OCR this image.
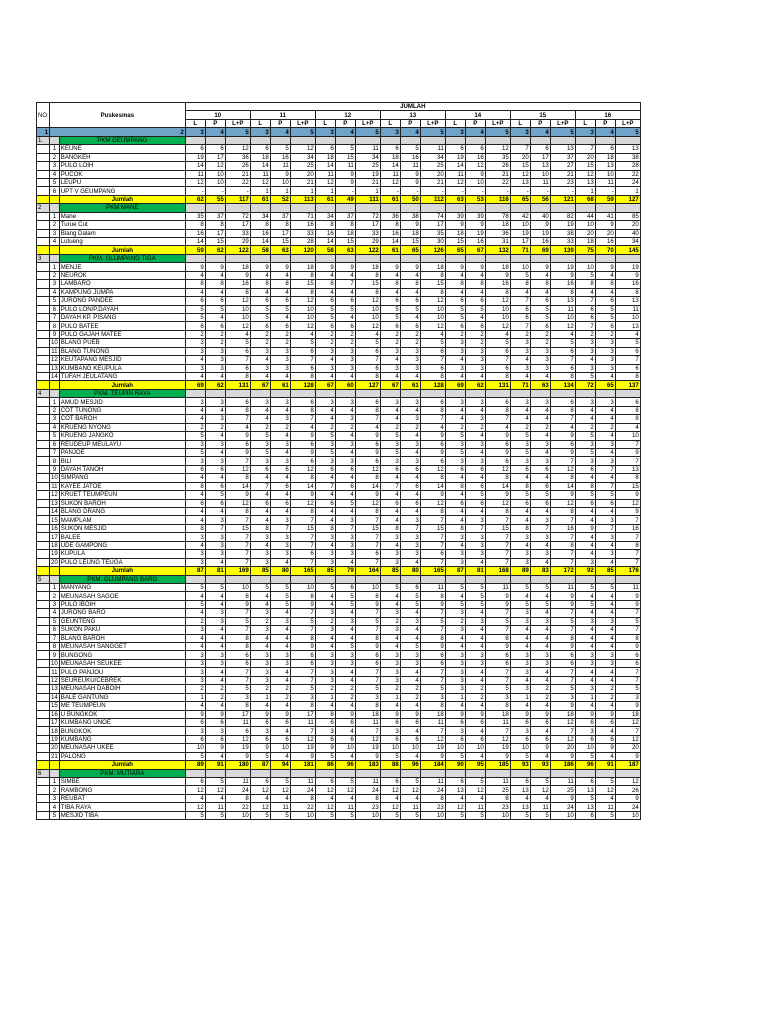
NO	Puskesmas		JUMLAH																				
			10			11			12			13			14			15			16		
			L	P	L+P	L	P	L+P	L	P	L+P	L	P	L+P	L	P	L+P	L	P	L+P	L	P	L+P
1	2		3	4	5	3	4	5	3	4	5	3	4	5	3	4	5	3	4	5	3	4	5
1.		PKM GEUMPANG																					
	1	KEUNE	6	6	12	6	5	12	6	5	11	6	5	11	6	6	12	7	6	13	7	6	13
	2	BANGKEH	19	17	36	18	16	34	18	15	34	18	16	34	19	16	35	20	17	37	20	18	38
	3	PULO LOIH	14	12	26	14	11	25	14	11	25	14	11	25	14	12	26	15	13	27	15	13	28
	4	PUCOK	11	10	21	11	9	20	11	9	19	11	9	20	11	9	21	12	10	21	12	10	22
	5	LEUPU	12	10	22	12	10	21	12	9	21	12	9	21	12	10	22	13	11	23	13	11	24
	6	UPT V GEUMPANG	-	-	-	1	1	1	1	-	1	-	-	-	-	-	-	-	-	-	1	-	1
		Jumlah	62	55	117	61	52	113	61	49	111	61	50	112	63	53	116	65	56	121	68	59	127
2		PKM MANE																					
	1	Mane	35	37	72	34	37	71	34	37	72	36	38	74	39	39	78	42	40	82	44	41	85
	2	Turue Cut	8	8	17	8	8	16	8	8	17	8	9	17	9	9	18	10	9	19	10	9	20
	3	Blang Dalam	16	17	33	16	17	33	16	18	33	16	18	35	18	19	36	19	19	38	20	20	40
	4	Lutueng	14	15	29	14	15	28	14	15	29	14	15	30	15	16	31	17	16	33	18	16	34
		Jumlah	59	62	122	58	63	120	58	63	122	61	65	126	65	67	132	71	69	139	75	70	145
3		PKM. GLUMPANG TIGA																					
	1	MENJE	9	9	18	9	9	18	9	9	18	9	9	18	9	9	18	10	9	19	10	9	19
	2	NEUROK	4	4	9	4	4	8	4	4	8	4	4	8	4	4	9	5	4	9	5	4	9
	3	LAMBARO	8	8	16	8	8	15	8	7	15	8	8	15	8	8	16	8	8	16	8	8	16
	4	KAMPUNG JUMPA	4	4	8	4	4	8	4	4	8	4	4	8	4	4	8	4	4	8	4	4	8
	5	JURONG PANDEE	6	6	12	6	6	12	6	6	12	6	6	12	6	6	12	7	6	13	7	6	13
	6	PULO LON/P.DAYAH	5	5	10	5	5	10	5	5	10	5	5	10	5	5	10	6	5	11	6	5	11
	7	DAYAH KP. PISANG	5	4	10	5	4	10	5	4	10	5	4	10	5	4	10	6	5	10	6	5	10
	8	PULO BATEE	6	6	12	6	6	12	6	6	12	6	6	12	6	6	12	7	6	12	7	6	13
	9	PULO GAJAH MATEE	2	2	4	2	2	4	2	2	4	2	2	4	2	2	4	2	2	4	2	2	4
	10	BLANG PUEB	3	2	5	2	2	5	2	2	5	2	2	5	3	2	5	3	2	5	3	3	5
	11	BLANG TUNONG	3	3	6	3	3	6	3	3	6	3	3	6	3	3	6	3	3	6	3	3	6
	12	KEUTAPANG MESJID	4	3	7	4	3	7	4	3	7	4	3	7	4	3	7	4	3	7	4	3	7
	13	KUMBANG KEUPULA	3	3	6	3	3	6	3	3	6	3	3	6	3	3	6	3	3	6	3	3	6
	14	TUFAH JEULATANG	4	4	8	4	4	8	4	4	8	4	4	8	4	4	8	4	4	8	5	4	8
		Jumlah	69	62	131	67	61	128	67	60	127	67	61	128	69	62	131	71	63	134	72	65	137
4		PKM. TEUPIN RAYA																					
	1	AMUD MESJID	3	3	6	3	3	6	3	3	6	3	3	6	3	3	6	3	3	6	3	3	6
	2	COT TUNONG	4	4	8	4	4	8	4	4	8	4	4	8	4	4	8	4	4	8	4	4	8
	3	COT BAROH	4	3	7	4	3	7	4	3	7	4	3	7	4	3	7	4	4	7	4	4	8
	4	KRUENG NYONG	2	2	4	2	2	4	2	2	4	2	2	4	2	2	4	2	2	4	2	2	4
	5	KRUENG JANGKO	5	4	9	5	4	9	5	4	9	5	4	9	5	4	9	5	4	9	5	4	10
	6	REUDEUP MEULAYU	3	3	6	3	3	6	3	3	6	3	3	6	3	3	6	3	3	6	3	3	7
	7	PANJOE	5	4	9	5	4	9	5	4	9	5	4	9	5	4	9	5	4	9	5	4	9
	8	BILI	3	3	7	3	3	6	3	3	6	3	3	6	3	3	6	3	3	7	3	3	7
	9	DAYAH TANOH	6	6	12	6	6	12	6	6	12	6	6	12	6	6	12	6	6	12	6	7	13
	10	SIMPANG	4	4	8	4	4	8	4	4	8	4	4	8	4	4	8	4	4	8	4	4	8
	11	KAYEE JATOE	8	6	14	7	6	14	7	6	14	7	6	14	8	6	14	8	6	14	8	7	15
	12	KRUET TEUMPEUN	4	5	9	4	4	9	4	4	9	4	4	9	4	5	9	5	5	9	5	5	9
	13	SUKON BAROH	6	6	12	6	6	12	6	5	12	6	6	12	6	6	12	6	6	12	6	6	12
	14	BLANG DRANG	4	4	8	4	4	8	4	4	8	4	4	8	4	4	8	4	4	8	4	4	9
	15	MAMPLAM	4	3	7	4	3	7	4	3	7	4	3	7	4	3	7	4	3	7	4	3	7
	16	SUKON MESJID	8	7	15	8	7	15	8	7	15	8	7	15	8	7	15	8	7	16	9	7	16
	17	BALEE	3	3	7	3	3	7	3	3	7	3	3	7	3	3	7	3	3	7	4	3	7
	18	UDE GAMPONG	4	3	7	4	3	7	4	3	7	4	3	7	4	3	7	4	4	8	4	4	8
	19	KUPULA	3	3	7	3	3	6	3	3	6	3	3	6	3	3	7	3	3	7	4	3	7
	20	PULO LEUNG TEUGA	3	4	7	3	4	7	3	4	7	3	4	7	3	4	7	3	4	7	3	4	7
		Jumlah	87	81	169	85	80	165	85	79	164	85	80	165	87	81	168	89	83	172	92	85	176
5		PKM. GLUMPANG BARO																					
	1	MANYANG	5	5	10	5	5	10	5	6	10	5	6	11	5	5	11	5	5	11	5	5	11
	2	MEUNASAH SAGOE	4	4	8	4	5	8	4	5	8	4	5	8	4	5	9	4	4	9	4	4	9
	3	PULO IBOIH	5	4	9	4	5	9	4	5	9	4	5	9	5	5	9	5	5	9	5	4	9
	4	JURONG BARO	4	3	7	3	4	7	3	4	7	3	4	7	3	4	7	3	4	7	4	4	7
	5	GEUNTENG	2	3	5	2	3	5	2	3	5	2	3	5	2	3	5	3	3	5	3	3	5
	6	SUKON PAKU	3	4	7	3	4	7	3	4	7	3	4	7	3	4	7	4	4	7	4	4	7
	7	BLANG BAROH	4	4	8	4	4	8	4	4	8	4	4	8	4	4	8	4	4	8	4	4	8
	8	MEUNASAH SANGGET	4	4	8	4	4	9	4	5	9	4	5	9	4	4	9	4	4	9	4	4	9
	9	BUNGONG	3	3	6	3	3	6	3	3	6	3	3	6	3	3	6	3	3	6	3	3	6
	10	MEUNASAH SEUKEE	3	3	6	3	3	6	3	3	6	3	3	6	3	3	6	3	3	6	3	3	6
	11	PULO PANJOU	3	4	7	3	4	7	3	4	7	3	4	7	3	4	7	3	4	7	4	4	7
	12	SEUREUKU/CEBREK	3	4	7	3	4	7	3	4	7	3	4	7	3	4	7	4	4	7	4	4	7
	13	MEUNASAH DABOIH	2	2	5	2	2	5	2	2	5	2	2	5	3	2	5	3	2	5	3	2	5
	14	BALE GANTUNG	1	2	3	1	2	3	1	2	3	1	2	3	1	2	3	1	2	3	1	2	3
	15	ME TEUMPEUN	4	4	8	4	4	8	4	4	8	4	4	8	4	4	8	4	4	9	4	4	9
	16	U BUNGKOK	9	9	17	9	9	17	8	9	18	9	9	18	9	9	18	9	9	18	9	9	18
	17	KUMBANG UNOE	6	6	11	6	6	11	6	6	11	6	6	11	6	6	11	6	6	12	6	6	12
	18	BUNGKOK	3	3	6	3	4	7	3	4	7	3	4	7	3	4	7	3	4	7	3	4	7
	19	KUMBANG	6	6	12	6	6	12	6	6	12	6	6	12	6	6	12	6	6	12	6	6	12
	20	MEUNASAH UKEE	10	9	19	9	10	19	9	10	19	10	10	19	10	10	19	10	9	20	10	9	20
	21	PALONG	5	4	9	5	4	9	5	4	9	5	4	9	5	4	9	5	4	9	5	4	9
		Jumlah	89	91	180	87	94	181	86	96	183	88	96	184	90	95	185	93	93	186	96	91	187
6		PKM. MUTIARA																					
	1	SIMBE	6	5	11	6	5	11	6	5	11	6	5	11	6	5	11	6	5	11	6	5	12
	2	RAMBONG	12	12	24	12	12	24	12	12	24	12	12	24	13	12	25	13	12	25	13	12	26
	3	REUBAT	4	4	8	4	4	8	4	4	8	4	4	8	4	4	8	4	4	9	5	4	9
	4	TIBA RAYA	12	11	22	12	11	22	12	11	23	12	11	23	12	11	23	13	11	24	13	11	24
	5	MESJID TIBA	5	5	10	5	5	10	5	5	10	5	5	10	5	5	10	5	5	10	6	5	10
